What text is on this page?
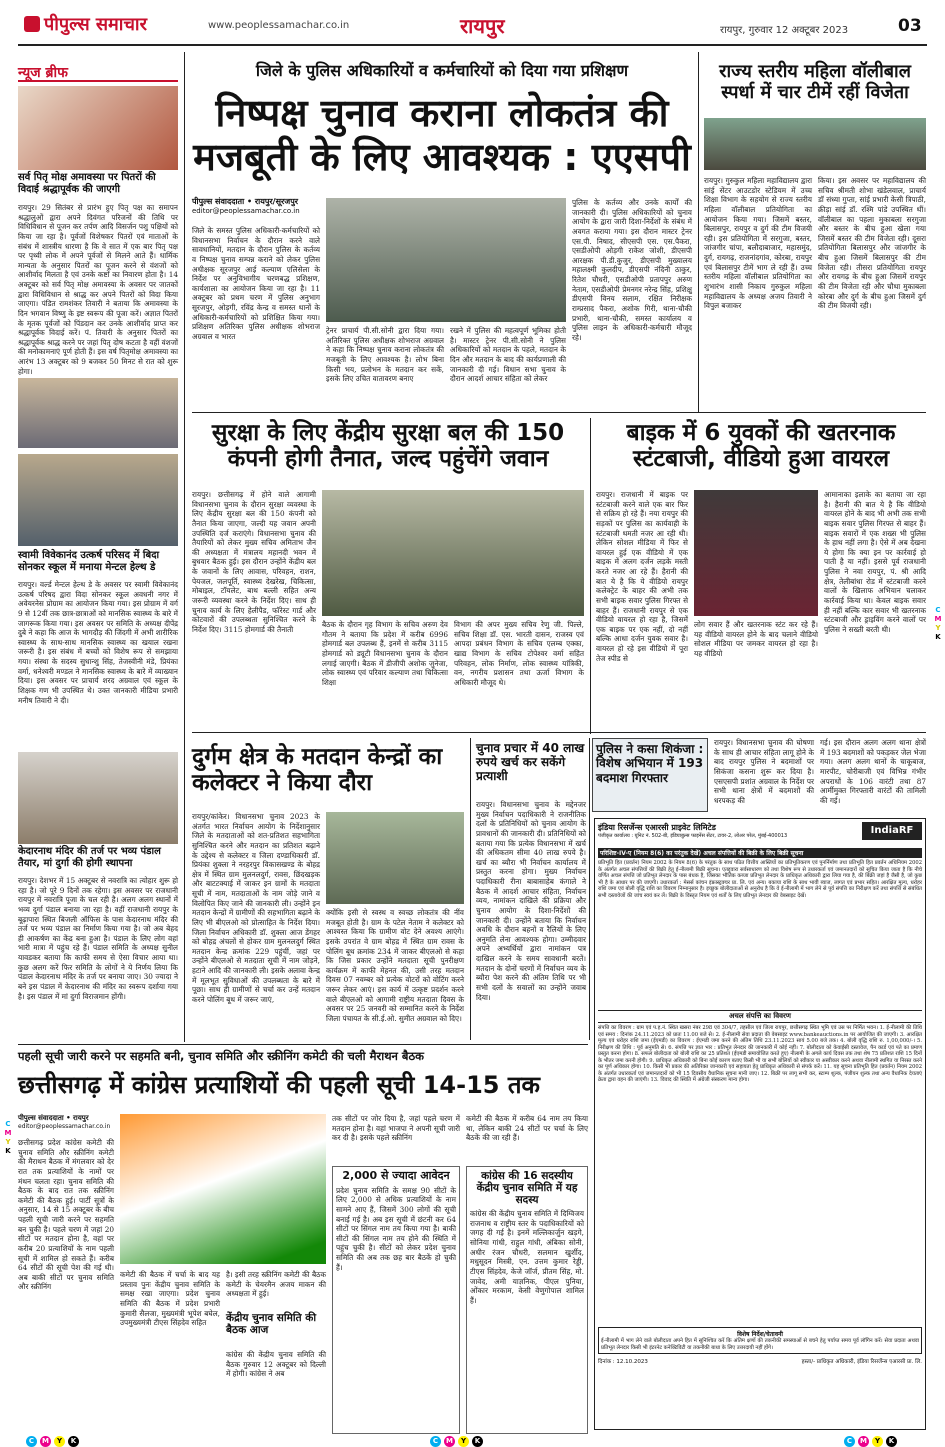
पीपुल्स समाचार	www.peoplessamachar.co.in	रायपुर	रायपुर, गुरुवार 12 अक्टूबर 2023	03
न्यूज ब्रीफ
सर्व पितृ मोक्ष अमावस्या पर पितरों की विदाई श्रद्धापूर्वक की जाएगी
रायपुर। 29 सितंबर से प्रारंभ हुए पितृ पक्ष का समापन श्रद्धालुओं द्वारा अपने दिवंगत परिजनों की तिथि पर विधिविधान से पूजन कर तर्पण आदि विसर्जन पशु पक्षियों को किया जा रहा है। पूर्वजों विशेषकर पितरों एवं माताओं के संबंध में शास्त्रीय धारणा है कि वे सात में एक बार पितृ पक्ष पर पृथ्वी लोक में अपने पूर्वजों से मिलने आते हैं। धार्मिक मान्यता के अनुसार पितरों का पूजन करने से वंशजों को आशीर्वाद मिलता है एवं उनके कष्टों का निवारण होता है। 14 अक्टूबर को सर्व पितृ मोक्ष अमावस्या के अवसर पर जातकों द्वारा विधिविधान से श्राद्ध कर अपने पितरों को विदा किया जाएगा। पंडित रामशंकर तिवारी ने बताया कि अमावस्या के दिन भगवान विष्णु के इष्ट स्वरूप की पूजा करें। अज्ञात पितरों के मृतक पूर्वजों को पिंडदान कर उनके आशीर्वाद प्राप्त कर श्रद्धापूर्वक विदाई करें। पं. तिवारी के अनुसार पितरों का श्रद्धापूर्वक श्राद्ध करने पर जहां पितृ दोष कटता है वहीं वंशजों की मनोकामनाएं पूर्ण होती हैं। इस वर्ष पितृमोक्ष अमावस्या का आरंभ 13 अक्टूबर को 9 बजकर 50 मिनट से रात को शुरू होगा।
स्वामी विवेकानंद उत्कर्ष परिसद में बिदा सोनकर स्कूल में मनाया मेन्टल हेल्थ डे
रायपुर। वर्ल्ड मेन्टल हेल्थ डे के अवसर पर स्वामी विवेकानंद उत्कर्ष परिषद द्वारा विदा सोनकर स्कूल अवधनी नगर में अवेयरनेस प्रोग्राम का आयोजन किया गया। इस प्रोग्राम में वर्ग 9 से 12वीं तक छात्र-छात्राओं को मानसिक स्वास्थ्य के बारे में जागरूक किया गया। इस अवसर पर समिति के अध्यक्ष दीपेंद्र दुबे ने कहा कि आज के भागदौड़ की जिंदगी में अभी शारीरिक स्वास्थ्य के साथ-साथ मानसिक स्वास्थ्य का खयाल रखना जरूरी है। इस संबंध में बच्चों को विशेष रूप से समझाया गया। संस्था के सदस्य सुधान्शु सिंह, तेजस्वीनी मंडे, प्रियंका वर्मा, धनेश्वरी मण्डल ने मानसिक स्वास्थ्य के बारे में व्याख्यान दिया। इस अवसर पर प्राचार्य शरद अग्रवाल एवं स्कूल के शिक्षक गण भी उपस्थित थे। उक्त जानकारी मीडिया प्रभारी मनीष तिवारी ने दी।
केदारनाथ मंदिर की तर्ज पर भव्य पंडाल तैयार, मां दुर्गा की होगी स्थापना
रायपुर। देशभर में 15 अक्टूबर से नवरात्रि का त्योहार शुरू हो रहा है। जो पूरे 9 दिनों तक रहेगा। इस अवसर पर राजधानी रायपुर में नवरात्रि पूजा के चल रही है। अलग अलग स्थानों में भव्य दुर्गा पंडाल बनाया जा रहा है। वहीं राजधानी रायपुर के बूढ़ापारा स्थित बिजली ऑफिस के पास केदारनाथ मंदिर की तर्ज पर भव्य पंडाल का निर्माण किया गया है। जो अब बेहद ही आकर्षण का केंद्र बना हुआ है। पंडाल के लिए लोग वहां भारी मात्रा में पहुंच रहे हैं। पंडाल समिति के अध्यक्ष सुनील यावडकर बताया कि काफी समय से ऐसा विचार आया था। कुछ अलग करें फिर समिति के लोगों ने ये निर्णय लिया कि पंडाल केदारनाथ मंदिर के तर्ज पर बनाया जाए। 30 ज्यादा ने बने इस पंडाल में केदारनाथ की मंदिर का स्वरूप दर्शाया गया है। इस पंडाल में मां दुर्गा विराजमान होंगी।
जिले के पुलिस अधिकारियों व कर्मचारियों को दिया गया प्रशिक्षण
निष्पक्ष चुनाव कराना लोकतंत्र की मजबूती के लिए आवश्यक : एएसपी
पीपुल्स संवाददाता • रायपुर/सूरजपुर
editor@peoplessamachar.co.in
जिले के समस्त पुलिस अधिकारी-कर्मचारियों को विधानसभा निर्वाचन के दौरान करने वाले सावधानियों, मतदान के दौरान पुलिस के कर्तव्य व निष्पक्ष चुनाव सम्पन्न कराने को लेकर पुलिस अधीक्षक सूरजपुर आई कल्याण एलिसेला के निर्देश पर अनुविभागीय चरणबद्ध प्रशिक्षण, कार्यशाला का आयोजन किया जा रहा है। 11 अक्टूबर को प्रथम चरण में पुलिस अनुभाग सूरजपुर, ओड़गी, रविंद्र केन्द्र व समस्त थानों के अधिकारी-कर्मचारियों को प्रशिक्षित किया गया। प्रशिक्षण अतिरिक्त पुलिस अधीक्षक शोभराज अग्रवाल व भारत
ट्रेनर प्राचार्य पी.सी.सोनी द्वारा दिया गया। अतिरिक्त पुलिस अधीक्षक शोभराज अग्रवाल ने कहा कि निष्पक्ष चुनाव कराना लोकतंत्र की मजबूती के लिए आवश्यक है। लोभ बिना किसी भय, प्रलोभन के मतदान कर सकें, इसके लिए उचित वातावरण बनाए
रखने में पुलिस की महत्वपूर्ण भूमिका होती है। मास्टर ट्रेनर पी.सी.सोनी ने पुलिस अधिकारियों को मतदान के पहले, मतदान के दिन और मतदान के बाद की कार्यप्रणाली की जानकारी दी गई। विधान सभा चुनाव के दौरान आदर्श आचार संहिता को लेकर
पुलिस के कर्तव्य और उनके कार्यों की जानकारी दी। पुलिस अधिकारियों को चुनाव आयोग के द्वारा जारी दिशा-निर्देशों के संबंध में अवगत कराया गया। इस दौरान मास्टर ट्रेनर एस.पी. निषाद, सीएसपी एस. एस.पैकरा, एसडीओपी ओड़गी राकेश जोशी, डीएसपी आरक्षक पी.डी.कुजुर, डीएसपी मुख्यालय महालक्ष्मी कुलदीप, डीएसपी नंदिनी ठाकुर, रितेश चौधरी, एसडीओपी प्रतापपुर अरुण नेताम, एसडीओपी प्रेमनगर नरेन्द्र सिंह, प्रशिक्षु डीएसपी विनय सलाम, रक्षित निरीक्षक राम्प्रसाद पैकरा, अशोक गिरी, थाना-चौकी प्रभारी, थाना-चौकी, समस्त कार्यालय व पुलिस लाइन के अधिकारी-कर्मचारी मौजूद रहे।
राज्य स्तरीय महिला वॉलीबाल स्पर्धा में चार टीमें रहीं विजेता
रायपुर। गुरुकुल महिला महाविद्यालय द्वारा सांई सेंटर आउटडोर स्टेडियम में उच्च शिक्षा विभाग के सहयोग से राज्य स्तरीय महिला वॉलीबाल प्रतियोगिता का आयोजन किया गया। जिसमें बस्तर, बिलासपुर, रायपुर व दुर्ग की टीम विजयी रही। इस प्रतियोगिता में सरगुजा, बस्तर, जांजगीर चांपा, बलौदाबाजार, महासमुंद, दुर्ग, रायगढ़, राजनांदगांव, कोरबा, रायपुर एवं बिलासपुर टीमें भाग ले रही हैं। उच्च स्तरीय महिला वॉलीबाल प्रतियोगिता का शुभारंभ शासी निकाय गुरुकुल महिला महाविद्यालय के अध्यक्ष अजय तिवारी ने विपुल बजाकर
किया। इस अवसर पर महाविद्यालय की सचिव श्रीमती शोभा खंडेलवाल, प्राचार्य डॉ संध्या गुप्ता, सांई प्रभारी केसी त्रिपाठी, क्रीड़ा सांई डॉ. रश्मि पांडे उपस्थित थीं। वॉलीबाल का पहला मुकाबला सरगुजा और बस्तर के बीच हुआ खेला गया जिसमें बस्तर की टीम विजेता रही। दूसरा प्रतियोगिता बिलासपुर और जांजगीर के बीच हुआ जिसमें बिलासपुर की टीम विजेता रही। तीसरा प्रतियोगिता रायपुर और रायगढ़ के बीच हुआ जिसमें रायपुर की टीम विजेता रही और चौथा मुकाबला कोरबा और दुर्ग के बीच हुआ जिसमें दुर्ग की टीम विजयी रही।
सुरक्षा के लिए केंद्रीय सुरक्षा बल की 150 कंपनी होगी तैनात, जल्द पहुंचेंगे जवान
रायपुर। छत्तीसगढ़ में होने वाले आगामी विधानसभा चुनाव के दौरान सुरक्षा व्यवस्था के लिए केंद्रीय सुरक्षा बल की 150 कंपनी को तैनात किया जाएगा, जल्दी यह जवान अपनी उपस्थिति दर्ज कराएंगे। विधानसभा चुनाव की तैयारियों को लेकर मुख्य सचिव अमिताभ जैन की अध्यक्षता में मंत्रालय महानदी भवन में बुधवार बैठक हुई। इस दौरान उन्होंने केंद्रीय बल के जवानों के लिए आवास, परिवहन, राशन, पेयजल, जलपूर्ति, स्वास्थ्य देखरेख, चिकित्सा, मोबाइल, टॉयलेट, बाथ बल्ली सहित अन्य जरूरी व्यवस्था करने के निर्देश दिए। साथ ही चुनाव कार्य के लिए हेलीपैड, फॉरेस्ट गार्ड और कोटवारों की उपलब्धता सुनिश्चित करने के निर्देश दिए। 3115 होमगार्ड की तैनाती
बैठक के दौरान गृह विभाग के सचिव अरुण देव गौतम ने बताया कि प्रदेश में करीब 6996 होमगार्ड बल उपलब्ध हैं, इनमें से करीब 3115 होमगार्ड को ड्यूटी विधानसभा चुनाव के दौरान लगाई जाएगी। बैठक में डीजीपी अशोक जुनेजा, लोक स्वास्थ्य एवं परिवार कल्याण तथा चिकित्सा शिक्षा
विभाग की अपर मुख्य सचिव रेणु जी. पिल्ले, सचिव शिक्षा डॉ. एस. भारती दासन, राजस्व एवं आपदा प्रबंधन विभाग के सचिव एलम्ब एक्का, खाद्य विभाग के सचिव टोपेश्वर वर्मा सहित परिवहन, लोक निर्माण, लोक स्वास्थ्य यांत्रिकी, वन, नगरीय प्रशासन तथा ऊर्जा विभाग के अधिकारी मौजूद थे।
बाइक में 6 युवकों की खतरनाक स्टंटबाजी, वीडियो हुआ वायरल
रायपुर। राजधानी में बाइक पर स्टंटबाजी करने वाले एक बार फिर से सक्रिय हो रहे हैं। नया रायपुर की सड़कों पर पुलिस का कार्यवाही के स्टंटबाजी थमती नजर आ रही थी। लेकिन सोशल मीडिया में फिर से वायरल हुई एक वीडियो में एक बाइक में अलग दर्जन लड़के मस्ती करते नजर आ रहे हैं। हैरानी की बात ये है कि ये वीडियो रायपुर कलेक्ट्रेट के बाहर की अभी तक सभी बाइक सवार पुलिस गिरफ्त से बाहर हैं। राजधानी रायपुर से एक वीडियो वायरल हो रहा है, जिसमें एक बाइक पर एक नहीं, दो नहीं बल्कि आधा दर्जन युवक सवार है। वायरल हो रहे इस वीडियो में पूरा तेज स्पीड से
लोग सवार हैं और खतरनाक स्टंट कर रहे हैं। यह वीडियो वायरल होने के बाद चलाने वीडियो सोशल मीडिया पर जमकर वायरल हो रहा है। यह वीडियो
आमानाका इलाके का बताया जा रहा है। हैरानी की बात ये है कि वीडियो वायरल होने के बाद भी अभी तक सभी बाइक सवार पुलिस गिरफ्त से बाहर हैं। बाइक सवारों में एक शख्स भी पुलिस के हाथ नहीं लगा है। ऐसे में अब देखना ये होगा कि क्या इन पर कार्रवाई हो पाती है या नहीं। इससे पूर्व राजधानी पुलिस ने नवा रायपुर, पं. श्री आदि क्षेत्र, तेलीबांधा रोड में स्टंटबाजी करने वालों के खिलाफ अभियान चलाकर कार्रवाई किया था। केवल बाइक सवार ही नहीं बल्कि कार सवार भी खतरनाक स्टंटबाजी और ड्राइविंग करने वालों पर पुलिस ने सख्ती बरती थी।
पुलिस ने कसा शिकंजा : विशेष अभियान में 193 बदमाश गिरफ्तार
रायपुर। विधानसभा चुनाव की घोषणा के साथ ही आचार संहिता लागू होने के बाद रायपुर पुलिस ने बदमाशों पर सिकंजा कसना शुरू कर दिया है। एसएसपी प्रशांत अग्रवाल के निर्देश पर सभी थाना क्षेत्रों में बदमाशों की धरपकड़ की
गई। इस दौरान अलग अलग थाना क्षेत्रों में 193 बदमाशों को पकड़कर जेल भेजा गया। अलग अलग थानों के चाकूबाज, मारपीट, चोरीबाजी एवं विभिन्न गंभीर अपराधों के 106 वारंटी तथा 87 आर्मीमुक्त गिरफ्तारी वारंटों की तामिली की गई।
दुर्गम क्षेत्र के मतदान केन्द्रों का कलेक्टर ने किया दौरा
रायपुर/कांकेर। विधानसभा चुनाव 2023 के अंतर्गत भारत निर्वाचन आयोग के निर्देशानुसार जिले के मतदाताओं को शत-प्रतिशत सहभागिता सुनिश्चित करने और मतदान का प्रतिशत बढ़ाने के उद्देश्य से कलेक्टर व जिला दण्डाधिकारी डॉ. प्रियंका शुक्ला ने नरहरपुर विकासखण्ड के बोहद्र क्षेत्र में स्थित ग्राम मुलनलदुर्ग, रावस, छिंदखड़क और बाटटक्याई में जाकर इन ग्रामों के मतदाता सूची में नाम, मतदाताओं के नाम जोड़े जाने व विलोपित किए जाने की जानकारी ली। उन्होंने इन मतदान केन्द्रों में ग्रामीणों की सहभागिता बढ़ाने के लिए भी बीएलओ को प्रोत्साहित के निर्देश दिया। जिला निर्वाचन अधिकारी डॉ. शुक्ला आज डेंगहर को बोहद्र अंचलों से होकर ग्राम मुलनलदुर्ग स्थित मतदान केन्द्र क्रमांक 229 पहुंचीं, जहां पर उन्होंने बीएलओ से मतदाता सूची में नाम जोड़ने, हटाने आदि की जानकारी ली। इसके अलावा केन्द्र में मूलभूत सुविधाओं की उपलब्धता के बारे में पूछा। साथ ही ग्रामीणों से चर्चा कर उन्हें मतदान करने पोलिंग बूथ में जरूर जाएं,
क्योंकि इसी से स्वस्थ व स्वच्छ लोकतंत्र की नींव मजबूत होती है। ग्राम के पटेल नेताम ने कलेक्टर को आश्वस्त किया कि ग्रामीण वोट देने अवश्य आएंगे। इसके उपरांत वे ग्राम बोहद्र में स्थित ग्राम रावस के पोलिंग बूथ क्रमांक 234 में जाकर बीएलओ से कहा कि जिस प्रकार उन्होंने मतदाता सूची पुनरीक्षण कार्यक्रम में काफी मेहनत की, उसी तरह मतदान दिवस 07 नवम्बर को प्रत्येक वोटरों को वोटिंग करने जरूर लेकर आएं। इस कार्य में उत्कृष्ट प्रदर्शन करने वाले बीएलओ को आगामी राष्ट्रीय मतदाता दिवस के अवसर पर 25 जनवरी को सम्मानित करने के निर्देश जिला पंचायत के सी.ई.ओ. सुमीत अग्रवाल को दिए।
चुनाव प्रचार में 40 लाख रुपये खर्च कर सकेंगे प्रत्याशी
रायपुर। विधानसभा चुनाव के मद्देनजर मुख्य निर्वाचन पदाधिकारी ने राजनीतिक दलों के प्रतिनिधियों को चुनाव आयोग के प्रावधानों की जानकारी दी। प्रतिनिधियों को बताया गया कि प्रत्येक विधानसभा में खर्च की अधिकतम सीमा 40 लाख रुपये है। खर्च का ब्यौरा भी निर्वाचन कार्यालय में प्रस्तुत करना होगा। मुख्य निर्वाचन पदाधिकारी रीना बाबासाहेब कंगाले ने बैठक में आदर्श आचार संहिता, निर्वाचन व्यय, नामांकन दाखिले की प्रक्रिया और चुनाव आयोग के दिशा-निर्देशों की जानकारी दी। उन्होंने बताया कि निर्वाचन अवधि के दौरान बहनों व रैलियों के लिए अनुमति लेना आवश्यक होगा। उम्मीदवार अपने अभ्यर्थियों द्वारा नामांकन पत्र दाखिल करने के समय सावधानी बरतें। मतदान के दोनों चरणों में निर्वाचन व्यय के ब्यौरा पेश करने की अंतिम तिथि पर भी सभी दलों के सवालों का उन्होंने जवाब दिया।
इंडिया रिसर्जेन्स एआरसी प्राइवेट लिमिटेड
पंजीकृत कार्यालय : यूनिट नं. 502-बी, इंडियाबुल्स फाइनेंस सेंटर, टावर-2, लोअर परेल, मुंबई-400013	IndiaRF
परिशिष्ट-IV-ए (नियम 8(6) का परंतुक देखें) अचल संपत्तियों की बिक्री के लिए बिक्री सूचना
प्रतिभूति हित (प्रवर्तन) नियम 2002 के नियम 8(6) के परंतुक के साथ पठित वित्तीय आस्तियों का प्रतिभूतिकरण एवं पुनर्निर्माण तथा प्रतिभूति हित प्रवर्तन अधिनियम 2002 के अंतर्गत अचल संपत्तियों की बिक्री हेतु ई-नीलामी बिक्री सूचना। एतद्द्वारा सर्वसाधारण को तथा विशेष रूप से उधारकर्ता एवं जमानतदारों को सूचित किया जाता है कि नीचे वर्णित अचल संपत्ति जो प्रतिभूत लेनदार के पास बंधक है, जिसका भौतिक कब्जा प्रतिभूत लेनदार के प्राधिकृत अधिकारी द्वारा लिया गया है, की बिक्री जहां है जैसी है, जो कुछ भी है के आधार पर की जाएगी। उधारकर्ता : मेसर्स कांचन इंफ्रास्ट्रक्चर प्रा. लि. एवं अन्य। बकाया राशि के साथ भावी ब्याज, लागत एवं प्रभार सहित। आरक्षित मूल्य, धरोहर राशि जमा एवं बोली वृद्धि राशि का विवरण निम्नानुसार है। इच्छुक बोलीदाताओं से अनुरोध है कि वे ई-नीलामी में भाग लेने से पूर्व संपत्ति का निरीक्षण करें तथा संपत्ति से संबंधित सभी दस्तावेजों की जांच स्वयं कर लें। बिक्री के विस्तृत नियम एवं शर्तों के लिए प्रतिभूत लेनदार की वेबसाइट देखें।
अचल संपत्ति का विवरण
संपत्ति का विवरण : ग्राम एवं प.ह.नं. स्थित खसरा नंबर 298 एवं 304/7, तहसील एवं जिला रायपुर, छत्तीसगढ़ स्थित भूमि एवं उस पर निर्मित भवन। 1. ई-नीलामी की तिथि एवं समय : दिनांक 24.11.2023 को प्रातः 11.00 बजे से। 2. ई-नीलामी सेवा प्रदाता की वेबसाइट www.bankeauctions.in पर आयोजित की जाएगी। 3. आरक्षित मूल्य एवं धरोहर राशि जमा (ईएमडी) का विवरण : ईएमडी जमा करने की अंतिम तिथि 23.11.2023 सायं 5.00 बजे तक। 4. बोली वृद्धि राशि रु. 1,00,000/-। 5. निरीक्षण की तिथि : पूर्व अनुमति से। 6. संपत्ति पर ज्ञात भार : प्रतिभूत लेनदार की जानकारी में कोई नहीं। 7. बोलीदाता को केवाईसी दस्तावेज, पैन कार्ड एवं पते का प्रमाण प्रस्तुत करना होगा। 8. सफल बोलीदाता को बोली राशि का 25 प्रतिशत (ईएमडी समायोजित करते हुए) नीलामी के अगले कार्य दिवस तक तथा शेष 75 प्रतिशत राशि 15 दिनों के भीतर जमा करनी होगी। 9. प्राधिकृत अधिकारी को बिना कोई कारण बताए किसी भी या सभी बोलियों को स्वीकार या अस्वीकार करने अथवा नीलामी स्थगित या निरस्त करने का पूर्ण अधिकार होगा। 10. किसी भी प्रकार की अतिरिक्त जानकारी एवं सहायता हेतु प्राधिकृत अधिकारी से संपर्क करें। 11. यह सूचना प्रतिभूति हित (प्रवर्तन) नियम 2002 के अंतर्गत उधारकर्ता एवं जमानतदारों को भी 15 दिवसीय वैधानिक सूचना मानी जाए। 12. बिक्री पर लागू सभी कर, स्टाम्प शुल्क, पंजीयन शुल्क तथा अन्य वैधानिक देयताएं क्रेता द्वारा वहन की जाएंगी। 13. विवाद की स्थिति में अंग्रेजी संस्करण मान्य होगा।
विशेष निर्देश/चेतावनी
ई-नीलामी में भाग लेने वाले बोलीदाता अपने हित में सुनिश्चित करें कि अंतिम क्षणों की तकनीकी समस्याओं से बचने हेतु पर्याप्त समय पूर्व लॉगिन करें। सेवा प्रदाता अथवा प्रतिभूत लेनदार किसी भी इंटरनेट कनेक्टिविटी या तकनीकी बाधा के लिए उत्तरदायी नहीं होंगे।
दिनांक : 12.10.2023	हस्ता/- प्राधिकृत अधिकारी, इंडिया रिसर्जेन्स एआरसी प्रा. लि.
पहली सूची जारी करने पर सहमति बनी, चुनाव समिति और स्क्रीनिंग कमेटी की चली मैराथन बैठक
छत्तीसगढ़ में कांग्रेस प्रत्याशियों की पहली सूची 14-15 तक
पीपुल्स संवाददाता • रायपुर
editor@peoplessamachar.co.in
छत्तीसगढ़ प्रदेश कांग्रेस कमेटी की चुनाव समिति और स्क्रीनिंग कमेटी की मैराथन बैठक में मंगलवार को देर रात तक प्रत्याशियों के नामों पर मंथन चलता रहा। चुनाव समिति की बैठक के बाद रात तक स्क्रीनिंग कमेटी की बैठक हुई। पार्टी सूत्रों के अनुसार, 14 से 15 अक्टूबर के बीच पहली सूची जारी करने पर सहमति बन चुकी है। पहले चरण में जहां 20 सीटों पर मतदान होना है, वहां पर करीब 20 प्रत्याशियों के नाम पहली सूची में शामिल हो सकते हैं। करीब 64 सीटों की सूची पेश की गई थी। अब बाकी सीटों पर चुनाव समिति और स्क्रीनिंग
कमेटी की बैठक में चर्चा के बाद यह प्रस्ताव पुनः केंद्रीय चुनाव समिति के समक्ष रखा जाएगा। प्रदेश चुनाव समिति की बैठक में प्रदेश प्रभारी कुमारी सैलजा, मुख्यमंत्री भूपेश बघेल, उपमुख्यमंत्री टीएस सिंहदेव सहित
है। इसी तरह स्क्रीनिंग कमेटी की बैठक कमेटी के चेयरमैन अजय माकन की अध्यक्षता में हुई।
केंद्रीय चुनाव समिति की बैठक आज
कांग्रेस की केंद्रीय चुनाव समिति की बैठक गुरुवार 12 अक्टूबर को दिल्ली में होगी। कांग्रेस ने अब
तक सीटों पर जोर दिया है, जहां पहले चरण में मतदान होना है। वहां भाजपा ने अपनी सूची जारी कर दी है। इसके पहले स्क्रीनिंग
2,000 से ज्यादा आवेदन
प्रदेश चुनाव समिति के समक्ष 90 सीटों के लिए 2,000 से अधिक प्रत्याशियों के नाम सामने आए हैं, जिसमें 300 लोगों की सूची बनाई गई है। अब इस सूची में छंटनी कर 64 सीटों पर सिंगल नाम तय किया गया है। बाकी सीटों की सिंगल नाम तय होने की स्थिति में पहुंच चुकी है। सीटों को लेकर प्रदेश चुनाव समिति की अब तक छह बार बैठकें हो चुकी हैं।
कमेटी की बैठक में करीब 64 नाम तय किया था, लेकिन बाकी 24 सीटों पर चर्चा के लिए बैठकें की जा रही हैं।
कांग्रेस की 16 सदस्यीय केंद्रीय चुनाव समिति में यह सदस्य
कांग्रेस की केंद्रीय चुनाव समिति में दिग्विजय राजनाथ व राष्ट्रीय स्तर के पदाधिकारियों को जगह दी गई है। इनमें मल्लिकार्जुन खड़गे, सोनिया गांधी, राहुल गांधी, अंबिका सोनी, अधीर रंजन चौधरी, सलमान खुर्शीद, मधुसूदन मिस्त्री, एन. उत्तम कुमार रेड्डी, टीएस सिंहदेव, केजे जॉर्ज, प्रीतम सिंह, मो. जावेद, अमी याज्ञनिक, पीएल पुनिया, ओंकार मरकाम, केसी वेणुगोपाल शामिल हैं।
C M Y K	C M Y K	C M Y K
C
M
Y
K
C
M
Y
K
